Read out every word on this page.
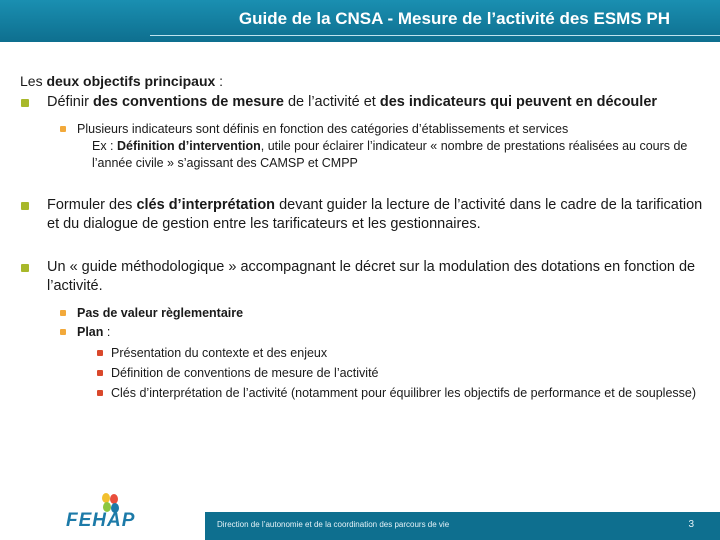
Guide de la CNSA - Mesure de l’activité des ESMS PH
Les deux objectifs principaux :
Définir des conventions de mesure de l’activité et des indicateurs qui peuvent en découler
Plusieurs indicateurs sont définis en fonction des catégories d’établissements et services
Ex : Définition d’intervention, utile pour éclairer l’indicateur « nombre de prestations réalisées au cours de l’année civile » s’agissant des CAMSP et CMPP
Formuler des clés d’interprétation devant guider la lecture de l’activité dans le cadre de la tarification et du dialogue de gestion entre les tarificateurs et les gestionnaires.
Un « guide méthodologique » accompagnant le décret sur la modulation des dotations en fonction de l’activité.
Pas de valeur règlementaire
Plan :
Présentation du contexte et des enjeux
Définition de conventions de mesure de l’activité
Clés d’interprétation de l’activité (notamment pour équilibrer les objectifs de performance et de souplesse)
FEHAP	Direction de l’autonomie et de la coordination des parcours de vie	3
